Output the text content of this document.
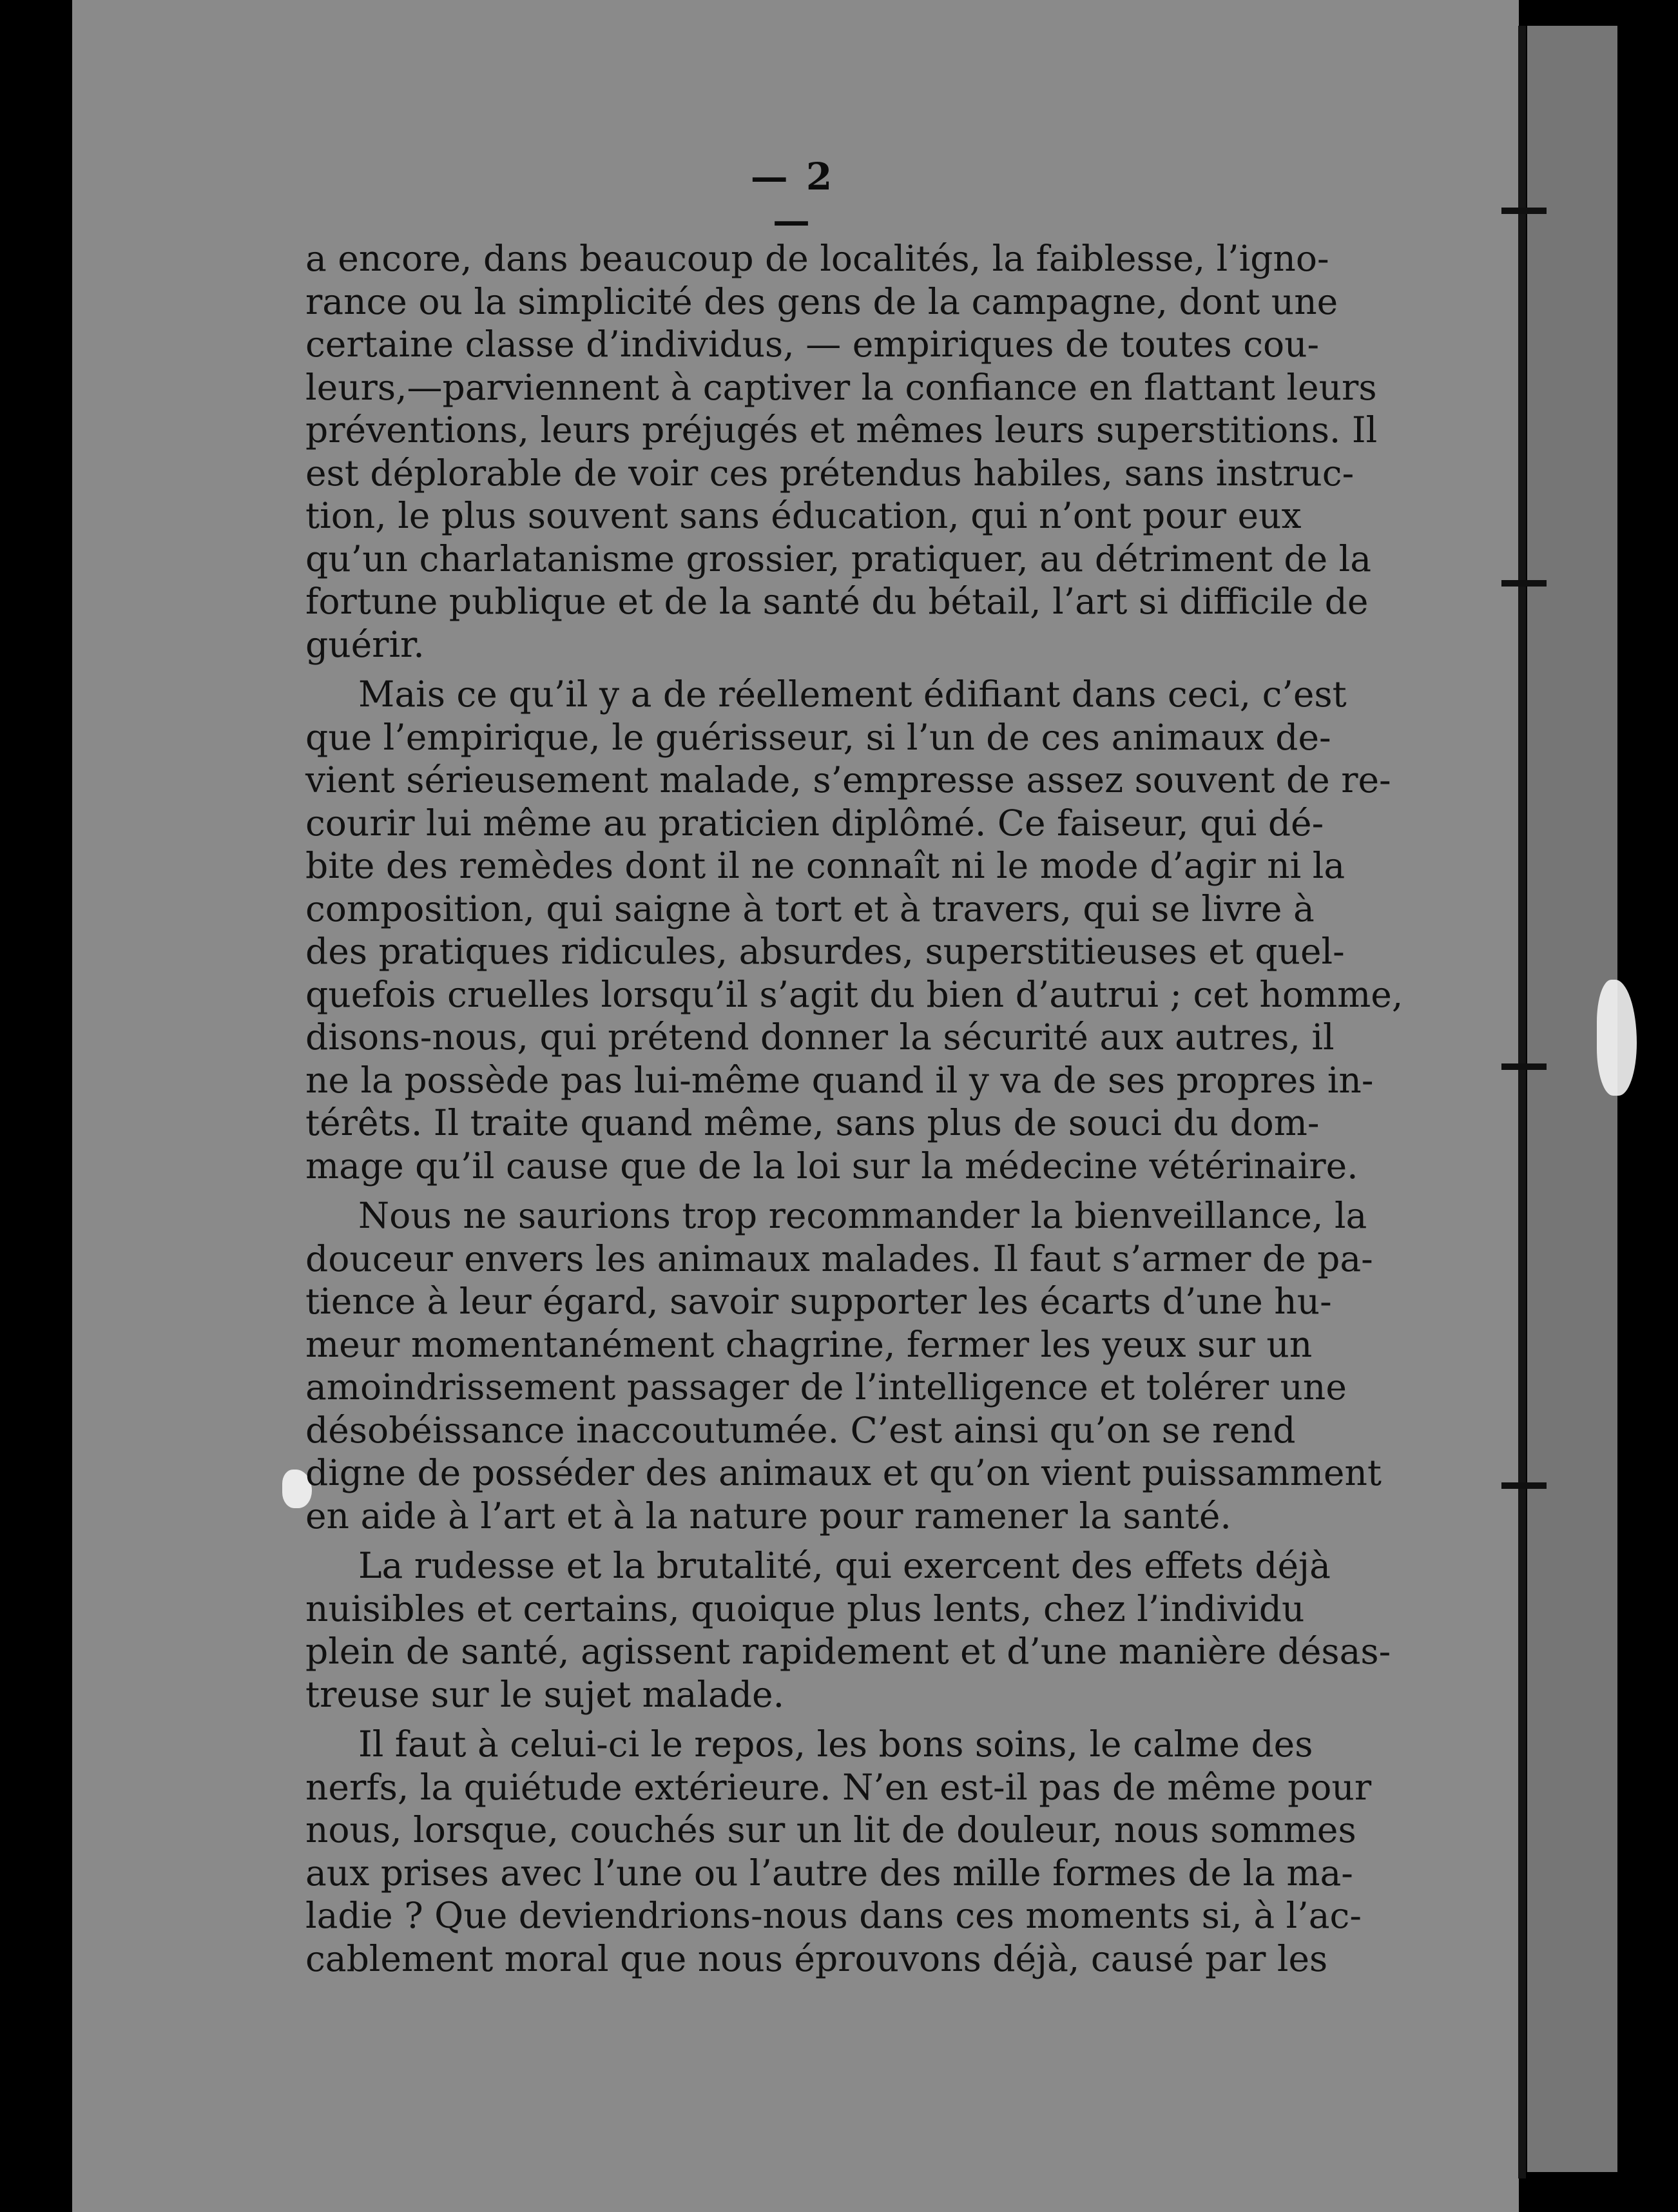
— 2 —

a encore, dans beaucoup de localités, la faiblesse, l’igno-
rance ou la simplicité des gens de la campagne, dont une
certaine classe d’individus, — empiriques de toutes cou-
leurs,—parviennent à captiver la confiance en flattant leurs
préventions, leurs préjugés et mêmes leurs superstitions. Il
est déplorable de voir ces prétendus habiles, sans instruc-
tion, le plus souvent sans éducation, qui n’ont pour eux
qu’un charlatanisme grossier, pratiquer, au détriment de la
fortune publique et de la santé du bétail, l’art si difficile de
guérir.
Mais ce qu’il y a de réellement édifiant dans ceci, c’est
que l’empirique, le guérisseur, si l’un de ces animaux de-
vient sérieusement malade, s’empresse assez souvent de re-
courir lui même au praticien diplômé. Ce faiseur, qui dé-
bite des remèdes dont il ne connaît ni le mode d’agir ni la
composition, qui saigne à tort et à travers, qui se livre à
des pratiques ridicules, absurdes, superstitieuses et quel-
quefois cruelles lorsqu’il s’agit du bien d’autrui ; cet homme,
disons-nous, qui prétend donner la sécurité aux autres, il
ne la possède pas lui-même quand il y va de ses propres in-
térêts. Il traite quand même, sans plus de souci du dom-
mage qu’il cause que de la loi sur la médecine vétérinaire.
Nous ne saurions trop recommander la bienveillance, la
douceur envers les animaux malades. Il faut s’armer de pa-
tience à leur égard, savoir supporter les écarts d’une hu-
meur momentanément chagrine, fermer les yeux sur un
amoindrissement passager de l’intelligence et tolérer une
désobéissance inaccoutumée. C’est ainsi qu’on se rend
digne de posséder des animaux et qu’on vient puissamment
en aide à l’art et à la nature pour ramener la santé.
La rudesse et la brutalité, qui exercent des effets déjà
nuisibles et certains, quoique plus lents, chez l’individu
plein de santé, agissent rapidement et d’une manière désas-
treuse sur le sujet malade.
Il faut à celui-ci le repos, les bons soins, le calme des
nerfs, la quiétude extérieure. N’en est-il pas de même pour
nous, lorsque, couchés sur un lit de douleur, nous sommes
aux prises avec l’une ou l’autre des mille formes de la ma-
ladie ? Que deviendrions-nous dans ces moments si, à l’ac-
cablement moral que nous éprouvons déjà, causé par les
